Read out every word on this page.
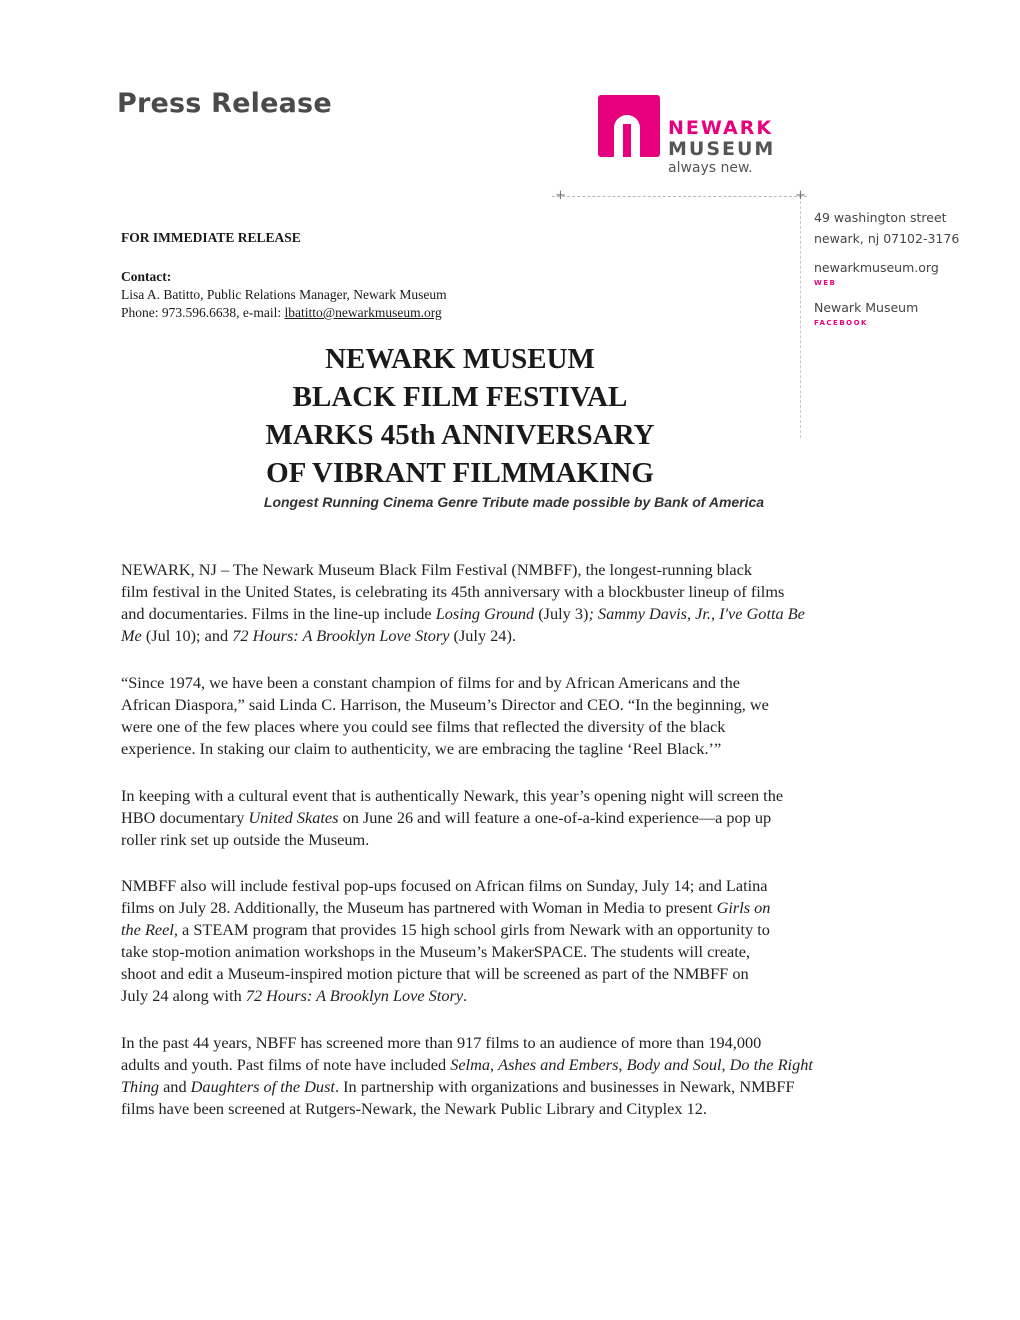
Press Release
NEWARK
MUSEUM
always new.
+	+
49 washington street
newark, nj 07102-3176
newarkmuseum.org
WEB
Newark Museum
FACEBOOK
FOR IMMEDIATE RELEASE
Contact:
Lisa A. Batitto, Public Relations Manager, Newark Museum
Phone: 973.596.6638, e-mail: lbatitto@newarkmuseum.org
NEWARK MUSEUM
BLACK FILM FESTIVAL
MARKS 45th ANNIVERSARY
OF VIBRANT FILMMAKING
Longest Running Cinema Genre Tribute made possible by Bank of America
NEWARK, NJ – The Newark Museum Black Film Festival (NMBFF), the longest-running black
film festival in the United States, is celebrating its 45th anniversary with a blockbuster lineup of films
and documentaries. Films in the line-up include Losing Ground (July 3); Sammy Davis, Jr., I've Gotta Be
Me (Jul 10); and 72 Hours: A Brooklyn Love Story (July 24).
“Since 1974, we have been a constant champion of films for and by African Americans and the
African Diaspora,” said Linda C. Harrison, the Museum’s Director and CEO. “In the beginning, we
were one of the few places where you could see films that reflected the diversity of the black
experience. In staking our claim to authenticity, we are embracing the tagline ‘Reel Black.’”
In keeping with a cultural event that is authentically Newark, this year’s opening night will screen the
HBO documentary United Skates on June 26 and will feature a one-of-a-kind experience—a pop up
roller rink set up outside the Museum.
NMBFF also will include festival pop-ups focused on African films on Sunday, July 14; and Latina
films on July 28. Additionally, the Museum has partnered with Woman in Media to present Girls on
the Reel, a STEAM program that provides 15 high school girls from Newark with an opportunity to
take stop-motion animation workshops in the Museum’s MakerSPACE. The students will create,
shoot and edit a Museum-inspired motion picture that will be screened as part of the NMBFF on
July 24 along with 72 Hours: A Brooklyn Love Story.
In the past 44 years, NBFF has screened more than 917 films to an audience of more than 194,000
adults and youth. Past films of note have included Selma, Ashes and Embers, Body and Soul, Do the Right
Thing and Daughters of the Dust. In partnership with organizations and businesses in Newark, NMBFF
films have been screened at Rutgers-Newark, the Newark Public Library and Cityplex 12.
